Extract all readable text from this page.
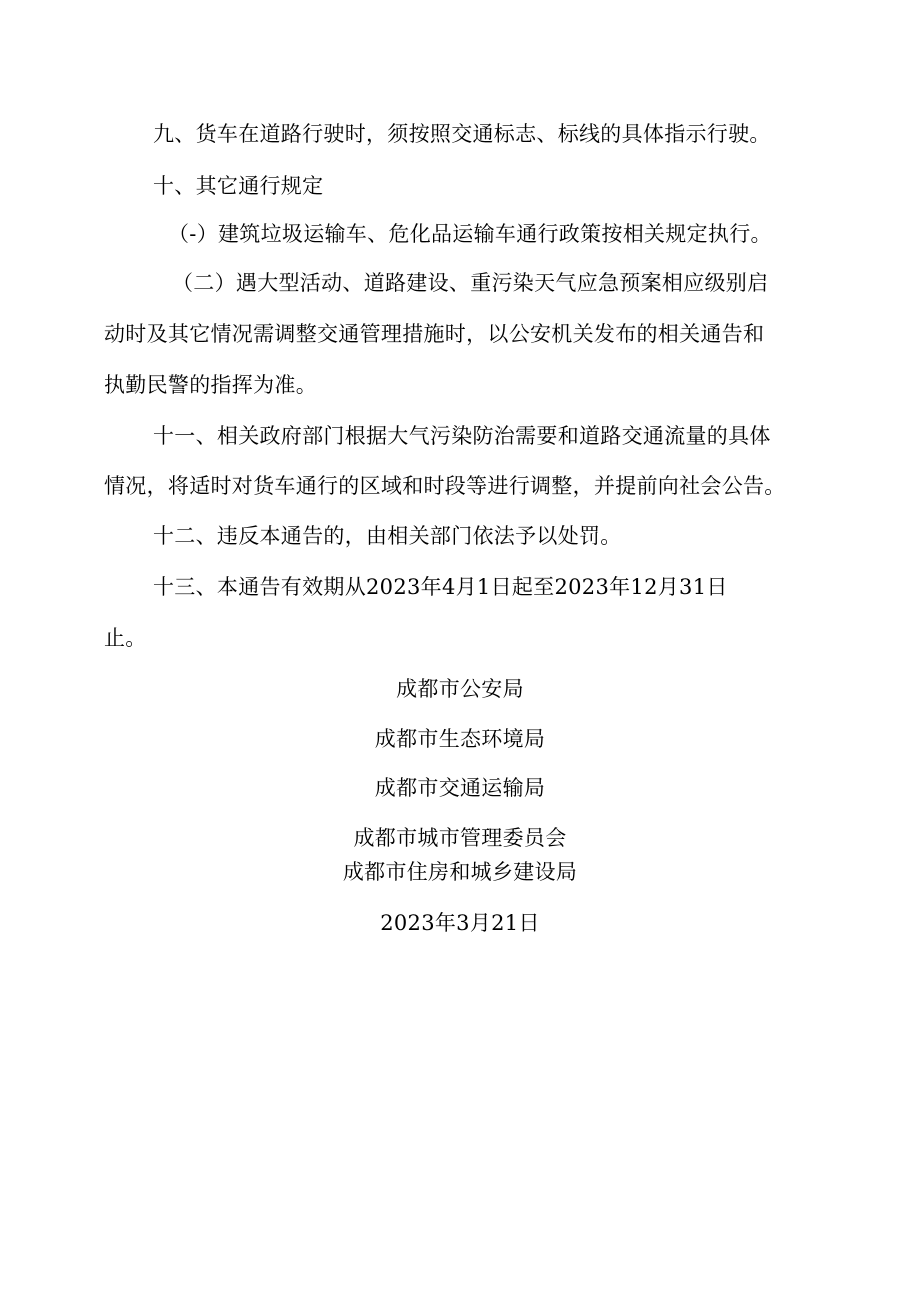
九、货车在道路行驶时，须按照交通标志、标线的具体指示行驶。
十、其它通行规定
（-）建筑垃圾运输车、危化品运输车通行政策按相关规定执行。
（二）遇大型活动、道路建设、重污染天气应急预案相应级别启
动时及其它情况需调整交通管理措施时，以公安机关发布的相关通告和
执勤民警的指挥为准。
十一、相关政府部门根据大气污染防治需要和道路交通流量的具体
情况，将适时对货车通行的区域和时段等进行调整，并提前向社会公告。
十二、违反本通告的，由相关部门依法予以处罚。
十三、本通告有效期从2023年4月1日起至2023年12月31日
止。
成都市公安局
成都市生态环境局
成都市交通运输局
成都市城市管理委员会
成都市住房和城乡建设局
2023年3月21日
